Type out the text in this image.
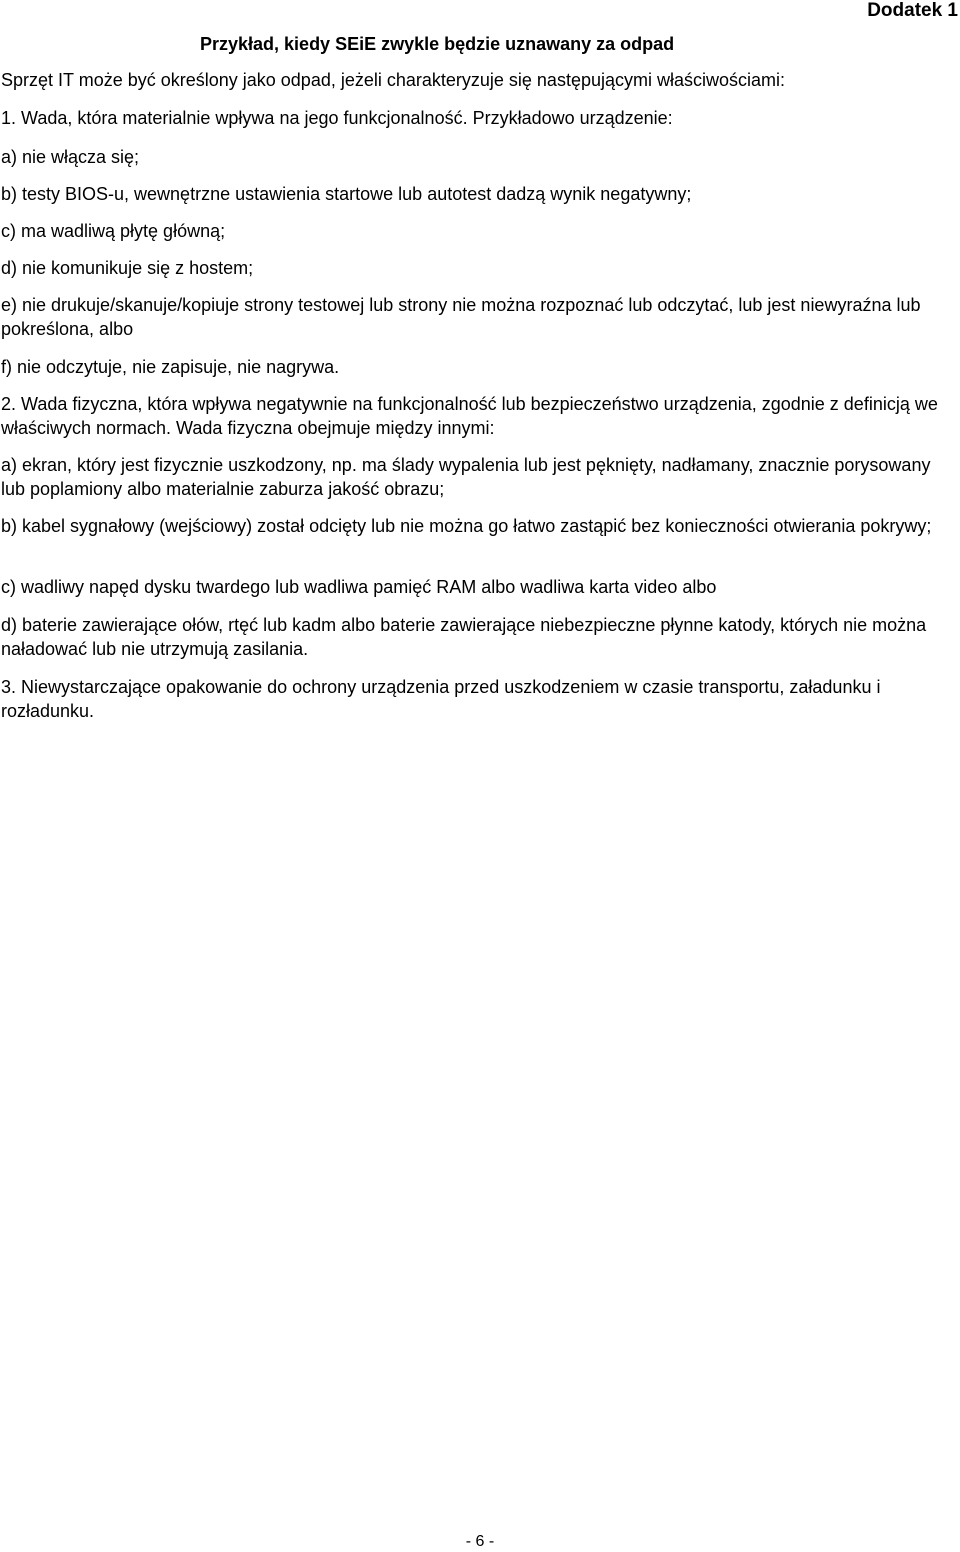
Dodatek 1
Przykład, kiedy SEiE zwykle będzie uznawany za odpad

Sprzęt IT może być określony jako odpad, jeżeli charakteryzuje się następującymi właściwościami:

1. Wada, która materialnie wpływa na jego funkcjonalność. Przykładowo urządzenie:

a) nie włącza się;

b) testy BIOS-u, wewnętrzne ustawienia startowe lub autotest dadzą wynik negatywny;

c) ma wadliwą płytę główną;

d) nie komunikuje się z hostem;

e) nie drukuje/skanuje/kopiuje strony testowej lub strony nie można rozpoznać lub odczytać, lub jest niewyraźna lub pokreślona, albo

f) nie odczytuje, nie zapisuje, nie nagrywa.

2. Wada fizyczna, która wpływa negatywnie na funkcjonalność lub bezpieczeństwo urządzenia, zgodnie z definicją we właściwych normach. Wada fizyczna obejmuje między innymi:

a) ekran, który jest fizycznie uszkodzony, np. ma ślady wypalenia lub jest pęknięty, nadłamany, znacznie porysowany lub poplamiony albo materialnie zaburza jakość obrazu;

b) kabel sygnałowy (wejściowy) został odcięty lub nie można go łatwo zastąpić bez konieczności otwierania pokrywy;

c) wadliwy napęd dysku twardego lub wadliwa pamięć RAM albo wadliwa karta video albo

d) baterie zawierające ołów, rtęć lub kadm albo baterie zawierające niebezpieczne płynne katody, których nie można naładować lub nie utrzymują zasilania.

3. Niewystarczające opakowanie do ochrony urządzenia przed uszkodzeniem w czasie transportu, załadunku i rozładunku.

- 6 -
